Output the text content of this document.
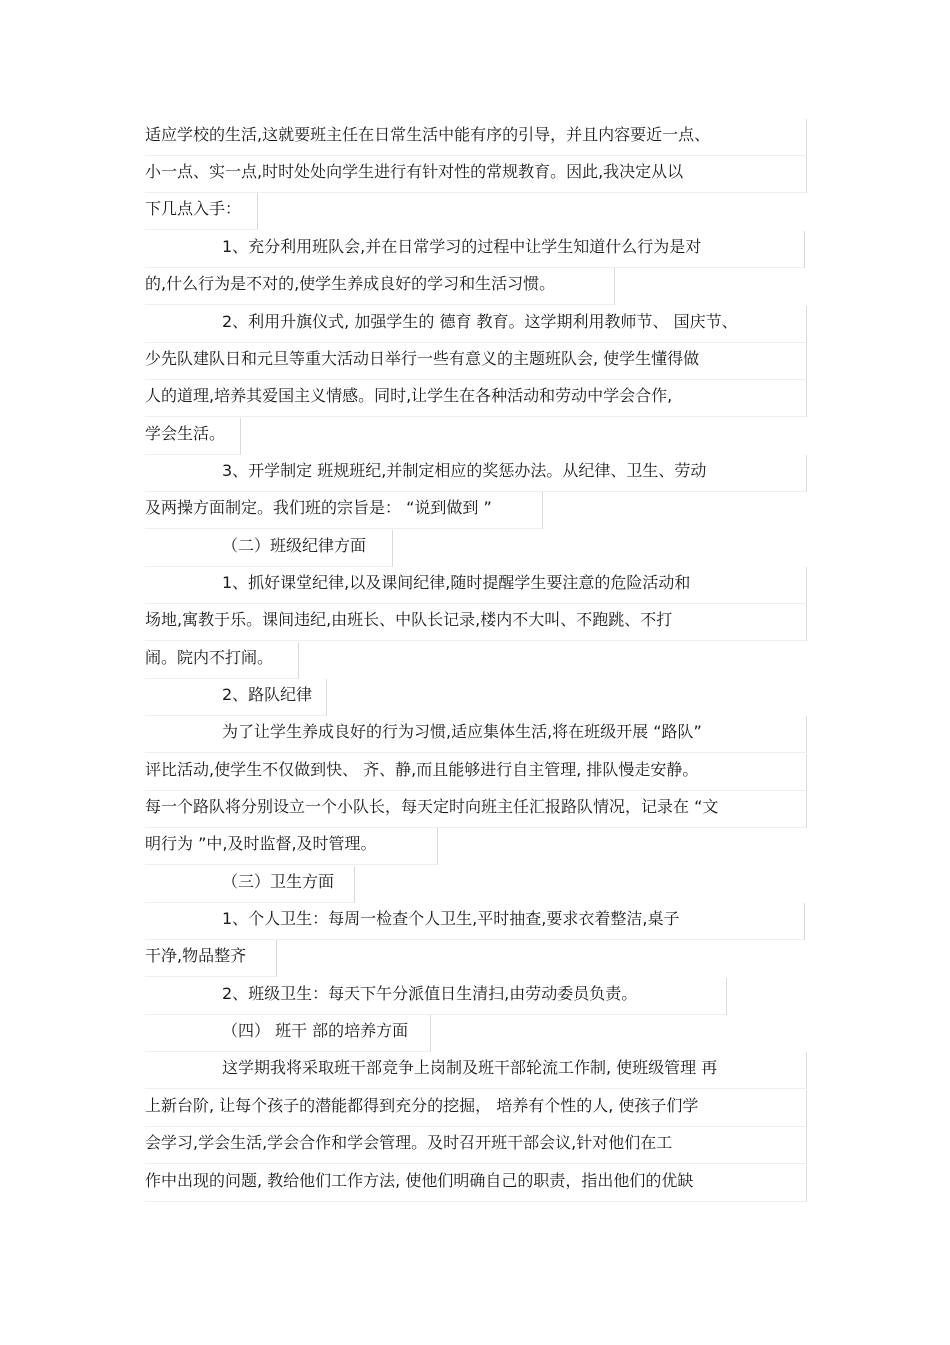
适应学校的生活,这就要班主任在日常生活中能有序的引导，并且内容要近一点、
小一点、实一点,时时处处向学生进行有针对性的常规教育。因此,我决定从以
下几点入手：
1、充分利用班队会,并在日常学习的过程中让学生知道什么行为是对
的,什么行为是不对的,使学生养成良好的学习和生活习惯。
2、利用升旗仪式, 加强学生的 德育 教育。这学期利用教师节、 国庆节、
少先队建队日和元旦等重大活动日举行一些有意义的主题班队会, 使学生懂得做
人的道理,培养其爱国主义情感。同时,让学生在各种活动和劳动中学会合作,
学会生活。
3、开学制定 班规班纪,并制定相应的奖惩办法。从纪律、卫生、劳动
及两操方面制定。我们班的宗旨是： “说到做到 ”
（二）班级纪律方面
1、抓好课堂纪律,以及课间纪律,随时提醒学生要注意的危险活动和
场地,寓教于乐。课间违纪,由班长、中队长记录,楼内不大叫、不跑跳、不打
闹。院内不打闹。
2、路队纪律
为了让学生养成良好的行为习惯,适应集体生活,将在班级开展 “路队”
评比活动,使学生不仅做到快、 齐、静,而且能够进行自主管理, 排队慢走安静。
每一个路队将分别设立一个小队长，每天定时向班主任汇报路队情况，记录在 “文
明行为 ”中,及时监督,及时管理。
（三）卫生方面
1、个人卫生：每周一检查个人卫生,平时抽查,要求衣着整洁,桌子
干净,物品整齐
2、班级卫生：每天下午分派值日生清扫,由劳动委员负责。
（四） 班干 部的培养方面
这学期我将采取班干部竞争上岗制及班干部轮流工作制, 使班级管理 再
上新台阶, 让每个孩子的潜能都得到充分的挖掘， 培养有个性的人, 使孩子们学
会学习,学会生活,学会合作和学会管理。及时召开班干部会议,针对他们在工
作中出现的问题, 教给他们工作方法, 使他们明确自己的职责，指出他们的优缺
